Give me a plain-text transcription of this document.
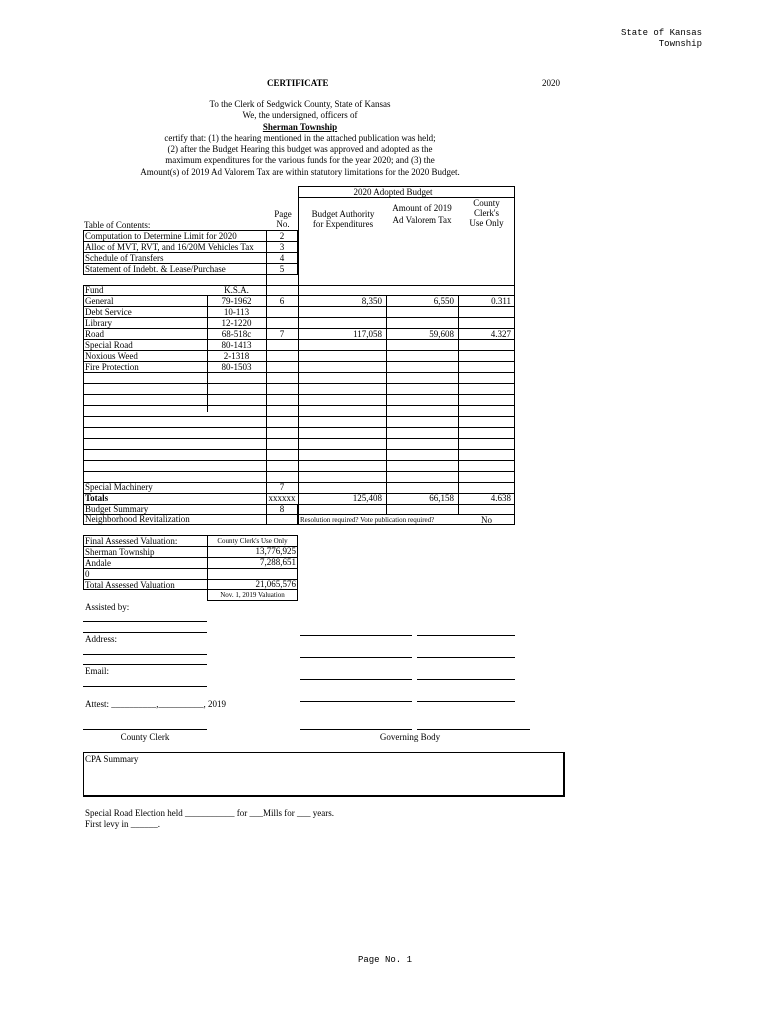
State of Kansas
Township
CERTIFICATE	2020
To the Clerk of Sedgwick County, State of Kansas
We, the undersigned, officers of
Sherman Township
certify that: (1) the hearing mentioned in the attached publication was held;
(2) after the Budget Hearing this budget was approved and adopted as the
maximum expenditures for the various funds for the year 2020; and (3) the
Amount(s) of 2019 Ad Valorem Tax are within statutory limitations for the 2020 Budget.
2020 Adopted Budget
Page
No.
Budget Authority
for Expenditures
Amount of 2019
Ad Valorem Tax
County
Clerk's
Use Only
Table of Contents:
Computation to Determine Limit for 2020	2
Alloc of MVT, RVT, and 16/20M Vehicles Tax	3
Schedule of Transfers	4
Statement of Indebt. & Lease/Purchase	5
Fund	K.S.A.
General	79-1962	6	8,350	6,550	0.311
Debt Service	10-113
Library	12-1220
Road	68-518c	7	117,058	59,608	4.327
Special Road	80-1413
Noxious Weed	2-1318
Fire Protection	80-1503
Special Machinery	7
Totals	xxxxxx	125,408	66,158	4.638
Budget Summary	8
Neighborhood Revitalization	Resolution required? Vote publication required?	No
Final Assessed Valuation:	County Clerk's Use Only
Sherman Township	13,776,925
Andale	7,288,651
0
Total Assessed Valuation	21,065,576
Nov. 1, 2019 Valuation
Assisted by:
Address:
Email:
Attest: __________,__________, 2019
County Clerk	Governing Body
CPA Summary
Special Road Election held ___________ for ___Mills for ___ years.
First levy in ______.
Page No. 1
